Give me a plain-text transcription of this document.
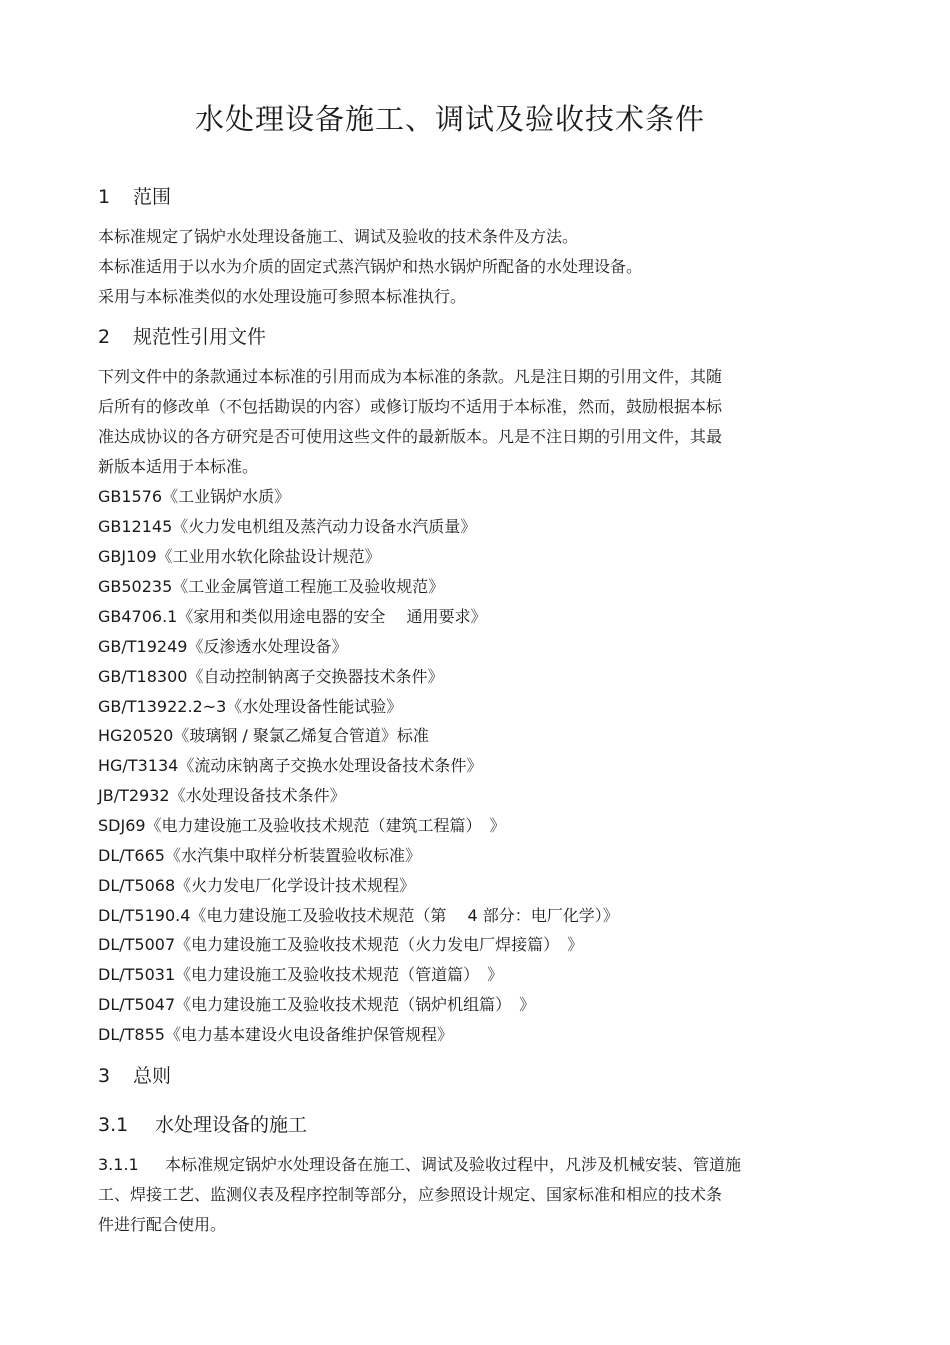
水处理设备施工、调试及验收技术条件
1 范围
本标准规定了锅炉水处理设备施工、调试及验收的技术条件及方法。
本标准适用于以水为介质的固定式蒸汽锅炉和热水锅炉所配备的水处理设备。
采用与本标准类似的水处理设施可参照本标准执行。
2 规范性引用文件
下列文件中的条款通过本标准的引用而成为本标准的条款。凡是注日期的引用文件，其随
后所有的修改单（不包括勘误的内容）或修订版均不适用于本标准，然而，鼓励根据本标
准达成协议的各方研究是否可使用这些文件的最新版本。凡是不注日期的引用文件，其最
新版本适用于本标准。
GB1576《工业锅炉水质》
GB12145《火力发电机组及蒸汽动力设备水汽质量》
GBJ109《工业用水软化除盐设计规范》
GB50235《工业金属管道工程施工及验收规范》
GB4706.1《家用和类似用途电器的安全　 通用要求》
GB/T19249《反渗透水处理设备》
GB/T18300《自动控制钠离子交换器技术条件》
GB/T13922.2~3《水处理设备性能试验》
HG20520《玻璃钢 / 聚氯乙烯复合管道》标准
HG/T3134《流动床钠离子交换水处理设备技术条件》
JB/T2932《水处理设备技术条件》
SDJ69《电力建设施工及验收技术规范（建筑工程篇）　》
DL/T665《水汽集中取样分析装置验收标准》
DL/T5068《火力发电厂化学设计技术规程》
DL/T5190.4《电力建设施工及验收技术规范（第　 4 部分：电厂化学）》
DL/T5007《电力建设施工及验收技术规范（火力发电厂焊接篇）　》
DL/T5031《电力建设施工及验收技术规范（管道篇）　》
DL/T5047《电力建设施工及验收技术规范（锅炉机组篇）　》
DL/T855《电力基本建设火电设备维护保管规程》
3 总则
3.1 水处理设备的施工
3.1.1 本标准规定锅炉水处理设备在施工、调试及验收过程中，凡涉及机械安装、管道施
工、焊接工艺、监测仪表及程序控制等部分，应参照设计规定、国家标准和相应的技术条
件进行配合使用。
